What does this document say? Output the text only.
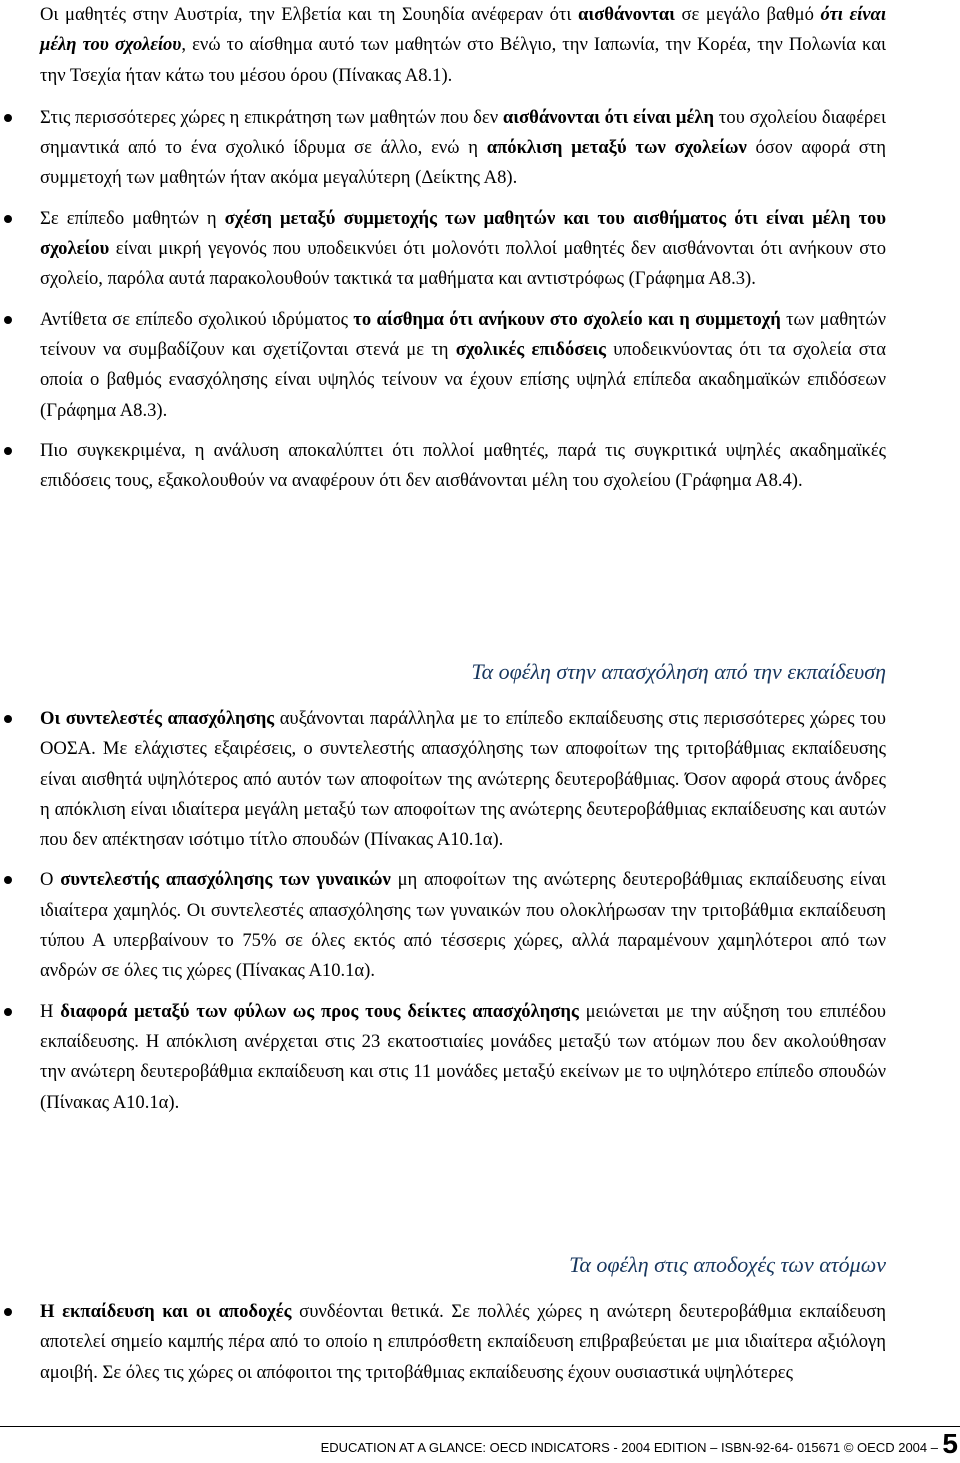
Οι μαθητές στην Αυστρία, την Ελβετία και τη Σουηδία ανέφεραν ότι αισθάνονται σε μεγάλο βαθμό ότι είναι μέλη του σχολείου, ενώ το αίσθημα αυτό των μαθητών στο Βέλγιο, την Ιαπωνία, την Κορέα, την Πολωνία και την Τσεχία ήταν κάτω του μέσου όρου (Πίνακας Α8.1).
Στις περισσότερες χώρες η επικράτηση των μαθητών που δεν αισθάνονται ότι είναι μέλη του σχολείου διαφέρει σημαντικά από το ένα σχολικό ίδρυμα σε άλλο, ενώ η απόκλιση μεταξύ των σχολείων όσον αφορά στη συμμετοχή των μαθητών ήταν ακόμα μεγαλύτερη (Δείκτης Α8).
Σε επίπεδο μαθητών η σχέση μεταξύ συμμετοχής των μαθητών και του αισθήματος ότι είναι μέλη του σχολείου είναι μικρή γεγονός που υποδεικνύει ότι μολονότι πολλοί μαθητές δεν αισθάνονται ότι ανήκουν στο σχολείο, παρόλα αυτά παρακολουθούν τακτικά τα μαθήματα και αντιστρόφως (Γράφημα Α8.3).
Αντίθετα σε επίπεδο σχολικού ιδρύματος το αίσθημα ότι ανήκουν στο σχολείο και η συμμετοχή των μαθητών τείνουν να συμβαδίζουν και σχετίζονται στενά με τη σχολικές επιδόσεις υποδεικνύοντας ότι τα σχολεία στα οποία ο βαθμός ενασχόλησης είναι υψηλός τείνουν να έχουν επίσης υψηλά επίπεδα ακαδημαϊκών επιδόσεων (Γράφημα Α8.3).
Πιο συγκεκριμένα, η ανάλυση αποκαλύπτει ότι πολλοί μαθητές, παρά τις συγκριτικά υψηλές ακαδημαϊκές επιδόσεις τους, εξακολουθούν να αναφέρουν ότι δεν αισθάνονται μέλη του σχολείου (Γράφημα Α8.4).
Τα οφέλη στην απασχόληση από την εκπαίδευση
Οι συντελεστές απασχόλησης αυξάνονται παράλληλα με το επίπεδο εκπαίδευσης στις περισσότερες χώρες του ΟΟΣΑ. Με ελάχιστες εξαιρέσεις, ο συντελεστής απασχόλησης των αποφοίτων της τριτοβάθμιας εκπαίδευσης είναι αισθητά υψηλότερος από αυτόν των αποφοίτων της ανώτερης δευτεροβάθμιας. Όσον αφορά στους άνδρες η απόκλιση είναι ιδιαίτερα μεγάλη μεταξύ των αποφοίτων της ανώτερης δευτεροβάθμιας εκπαίδευσης και αυτών που δεν απέκτησαν ισότιμο τίτλο σπουδών (Πίνακας Α10.1α).
Ο συντελεστής απασχόλησης των γυναικών μη αποφοίτων της ανώτερης δευτεροβάθμιας εκπαίδευσης είναι ιδιαίτερα χαμηλός. Οι συντελεστές απασχόλησης των γυναικών που ολοκλήρωσαν την τριτοβάθμια εκπαίδευση τύπου Α υπερβαίνουν το 75% σε όλες εκτός από τέσσερις χώρες, αλλά παραμένουν χαμηλότεροι από των ανδρών σε όλες τις χώρες (Πίνακας Α10.1α).
Η διαφορά μεταξύ των φύλων ως προς τους δείκτες απασχόλησης μειώνεται με την αύξηση του επιπέδου εκπαίδευσης. Η απόκλιση ανέρχεται στις 23 εκατοστιαίες μονάδες μεταξύ των ατόμων που δεν ακολούθησαν την ανώτερη δευτεροβάθμια εκπαίδευση και στις 11 μονάδες μεταξύ εκείνων με το υψηλότερο επίπεδο σπουδών (Πίνακας Α10.1α).
Τα οφέλη στις αποδοχές των ατόμων
Η εκπαίδευση και οι αποδοχές συνδέονται θετικά. Σε πολλές χώρες η ανώτερη δευτεροβάθμια εκπαίδευση αποτελεί σημείο καμπής πέρα από το οποίο η επιπρόσθετη εκπαίδευση επιβραβεύεται με μια ιδιαίτερα αξιόλογη αμοιβή. Σε όλες τις χώρες οι απόφοιτοι της τριτοβάθμιας εκπαίδευσης έχουν ουσιαστικά υψηλότερες
EDUCATION AT A GLANCE: OECD INDICATORS - 2004 EDITION – ISBN-92-64- 015671 © OECD 2004 – 5
